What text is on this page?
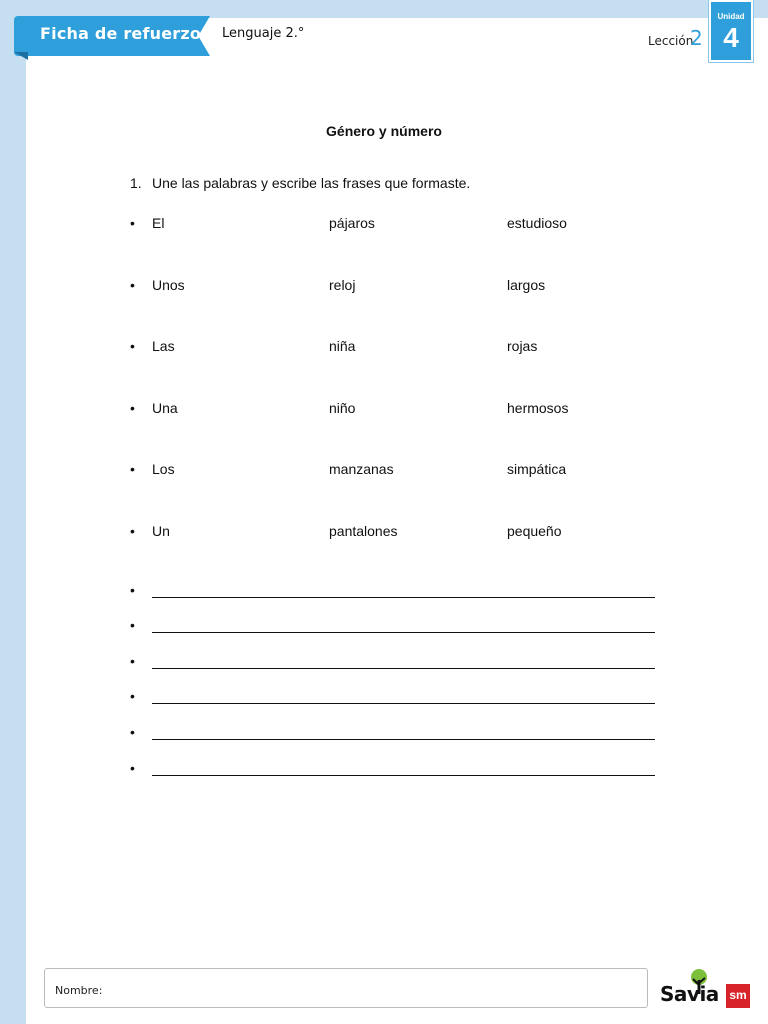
Ficha de refuerzo Lenguaje 2.°	Lección
2
Unidad
4
Género y número
1. Une las palabras y escribe las frases que formaste.
• El	pájaros	estudioso
• Unos	reloj	largos
• Las	niña	rojas
• Una	niño	hermosos
• Los	manzanas	simpática
• Un	pantalones	pequeño
•
•
•
•
•
•
Nombre:	Savia sm
